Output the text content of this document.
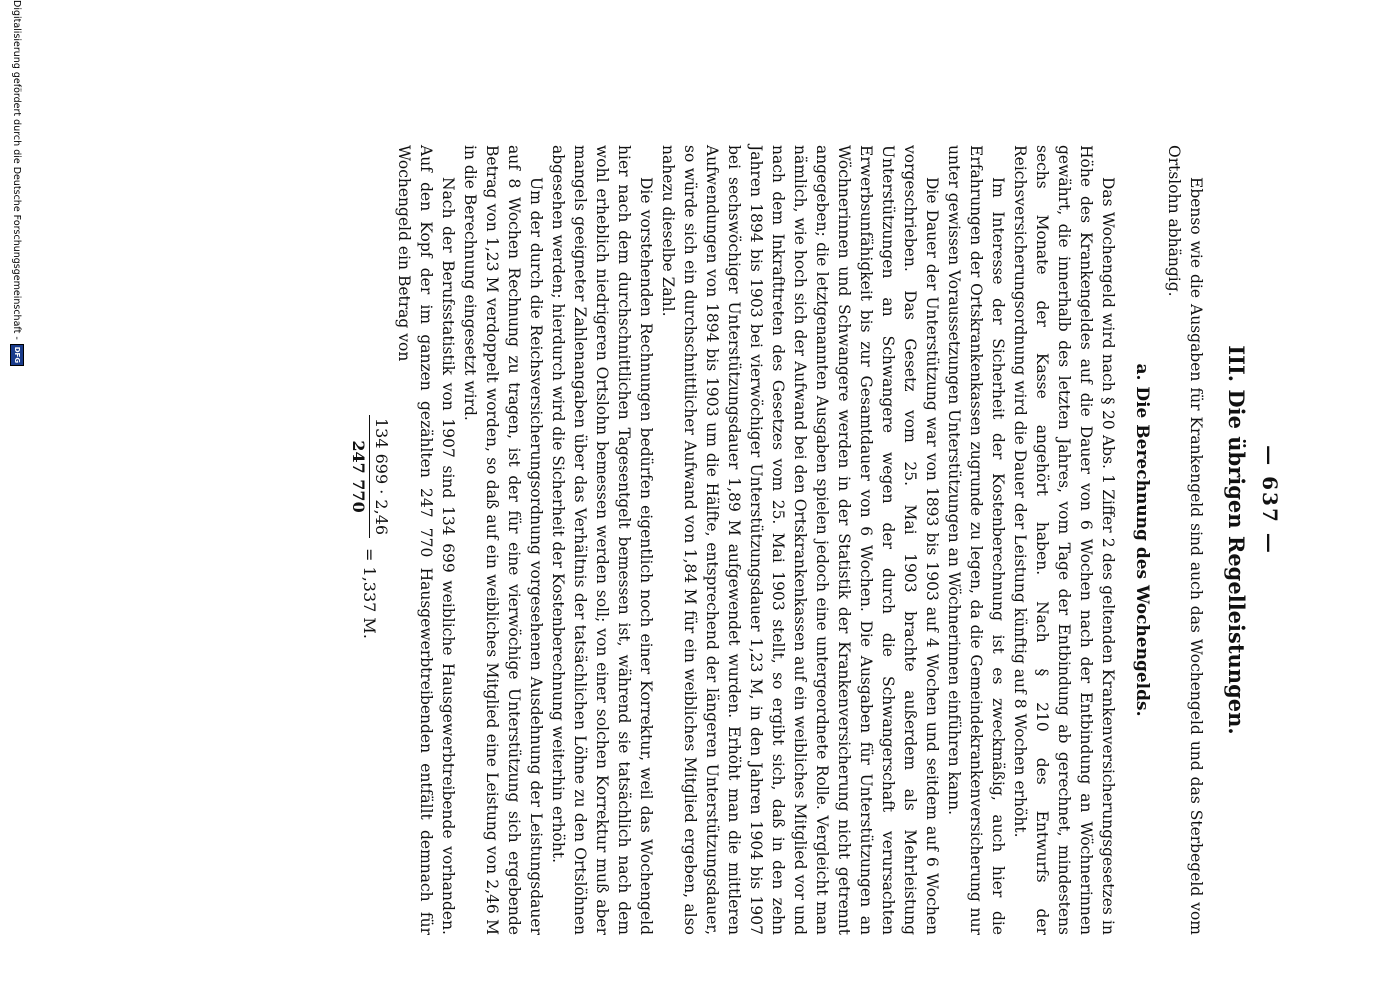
— 637 —
III. Die übrigen Regelleistungen.

Ebenso wie die Ausgaben für Krankengeld sind auch das Wochengeld und das Sterbegeld vom Ortslohn abhängig.

a. Die Berechnung des Wochengelds.

Das Wochengeld wird nach § 20 Abs. 1 Ziffer 2 des geltenden Krankenversicherungsgesetzes in Höhe des Krankengeldes auf die Dauer von 6 Wochen nach der Entbindung an Wöchnerinnen gewährt, die innerhalb des letzten Jahres, vom Tage der Entbindung ab gerechnet, mindestens sechs Monate der Kasse angehört haben. Nach § 210 des Entwurfs der Reichsversicherungsordnung wird die Dauer der Leistung künftig auf 8 Wochen erhöht.

Im Interesse der Sicherheit der Kostenberechnung ist es zweckmäßig, auch hier die Erfahrungen der Ortskrankenkassen zugrunde zu legen, da die Gemeindekrankenversicherung nur unter gewissen Voraussetzungen Unterstützungen an Wöchnerinnen einführen kann.

Die Dauer der Unterstützung war von 1893 bis 1903 auf 4 Wochen und seitdem auf 6 Wochen vorgeschrieben. Das Gesetz vom 25. Mai 1903 brachte außerdem als Mehrleistung Unterstützungen an Schwangere wegen der durch die Schwangerschaft verursachten Erwerbsunfähigkeit bis zur Gesamtdauer von 6 Wochen. Die Ausgaben für Unterstützungen an Wöchnerinnen und Schwangere werden in der Statistik der Krankenversicherung nicht getrennt angegeben; die letztgenannten Ausgaben spielen jedoch eine untergeordnete Rolle. Vergleicht man nämlich, wie hoch sich der Aufwand bei den Ortskrankenkassen auf ein weibliches Mitglied vor und nach dem Inkrafttreten des Gesetzes vom 25. Mai 1903 stellt, so ergibt sich, daß in den zehn Jahren 1894 bis 1903 bei vierwöchiger Unterstützungsdauer 1,23 M, in den Jahren 1904 bis 1907 bei sechswöchiger Unterstützungsdauer 1,89 M aufgewendet wurden. Erhöht man die mittleren Aufwendungen von 1894 bis 1903 um die Hälfte, entsprechend der längeren Unterstützungsdauer, so würde sich ein durchschnittlicher Aufwand von 1,84 M für ein weibliches Mitglied ergeben, also nahezu dieselbe Zahl.

Die vorstehenden Rechnungen bedürfen eigentlich noch einer Korrektur, weil das Wochengeld hier nach dem durchschnittlichen Tagesentgelt bemessen ist, während sie tatsächlich nach dem wohl erheblich niedrigeren Ortslohn bemessen werden soll; von einer solchen Korrektur muß aber mangels geeigneter Zahlenangaben über das Verhältnis der tatsächlichen Löhne zu den Ortslöhnen abgesehen werden; hierdurch wird die Sicherheit der Kostenberechnung weiterhin erhöht.

Um der durch die Reichsversicherungsordnung vorgesehenen Ausdehnung der Leistungsdauer auf 8 Wochen Rechnung zu tragen, ist der für eine vierwöchige Unterstützung sich ergebende Betrag von 1,23 M verdoppelt worden, so daß auf ein weibliches Mitglied eine Leistung von 2,46 M in die Berechnung eingesetzt wird.

Nach der Berufsstatistik von 1907 sind 134 699 weibliche Hausgewerbtreibende vorhanden. Auf den Kopf der im ganzen gezählten 247 770 Hausgewerbtreibenden entfällt demnach für Wochengeld ein Betrag von

134 699 · 2,46
247 770
= 1,337 M.
Digitalisierung gefördert durch die Deutsche Forschungsgemeinschaft -
DFG
